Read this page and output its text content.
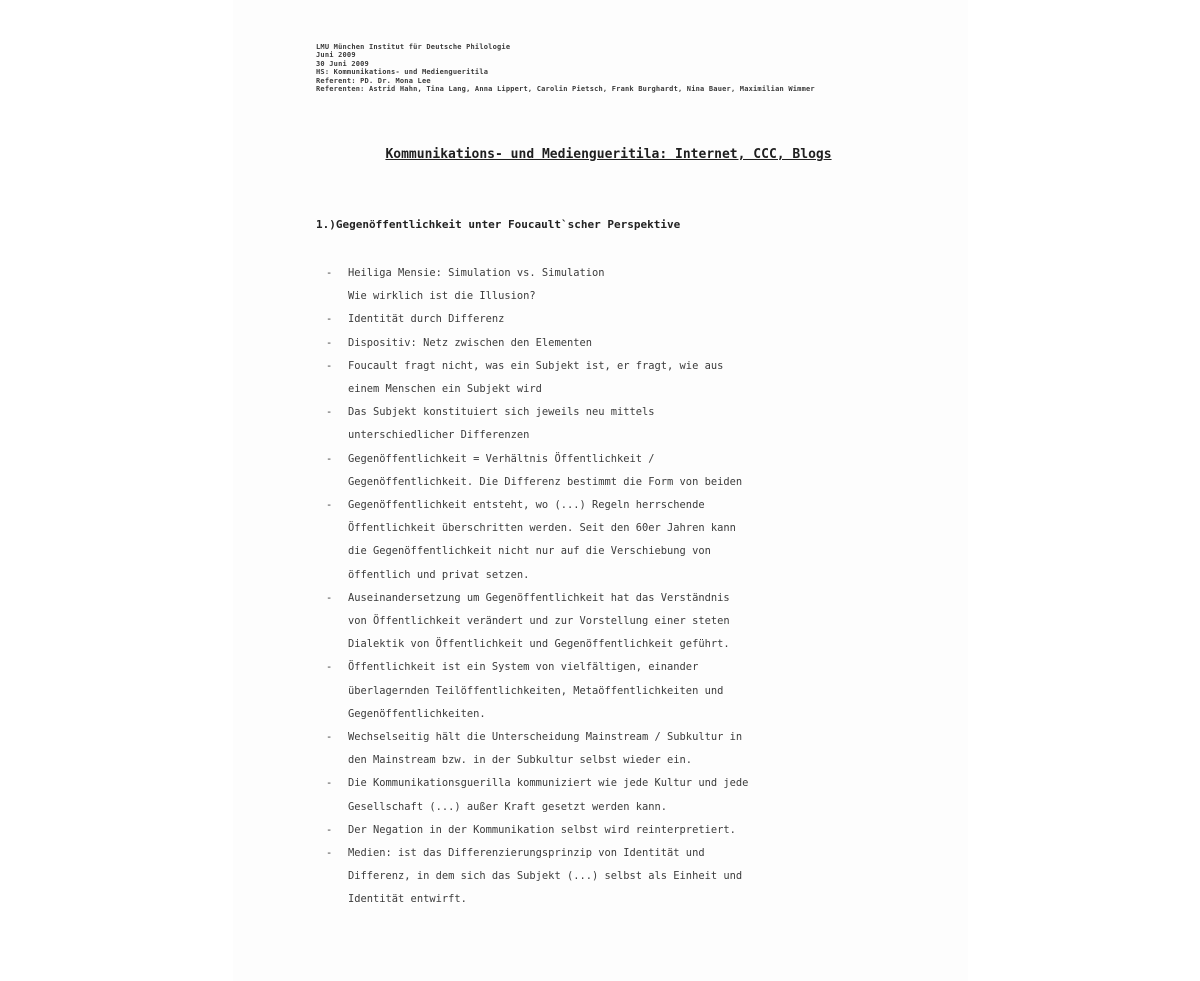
LMU München Institut für Deutsche Philologie
Juni 2009
30 Juni 2009
HS: Kommunikations- und Mediengueritila
Referent: PD. Dr. Mona Lee
Referenten: Astrid Hahn, Tina Lang, Anna Lippert, Carolin Pietsch, Frank Burghardt, Nina Bauer, Maximilian Wimmer
Kommunikations- und Mediengueritila: Internet, CCC, Blogs
1.)Gegenöffentlichkeit unter Foucault`scher Perspektive
- Heiliga Mensie: Simulation vs. Simulation
Wie wirklich ist die Illusion?
- Identität durch Differenz
- Dispositiv: Netz zwischen den Elementen
- Foucault fragt nicht, was ein Subjekt ist, er fragt, wie aus
einem Menschen ein Subjekt wird
- Das Subjekt konstituiert sich jeweils neu mittels
unterschiedlicher Differenzen
- Gegenöffentlichkeit = Verhältnis Öffentlichkeit /
Gegenöffentlichkeit. Die Differenz bestimmt die Form von beiden
- Gegenöffentlichkeit entsteht, wo (...) Regeln herrschende
Öffentlichkeit überschritten werden. Seit den 60er Jahren kann
die Gegenöffentlichkeit nicht nur auf die Verschiebung von
öffentlich und privat setzen.
- Auseinandersetzung um Gegenöffentlichkeit hat das Verständnis
von Öffentlichkeit verändert und zur Vorstellung einer steten
Dialektik von Öffentlichkeit und Gegenöffentlichkeit geführt.
- Öffentlichkeit ist ein System von vielfältigen, einander
überlagernden Teilöffentlichkeiten, Metaöffentlichkeiten und
Gegenöffentlichkeiten.
- Wechselseitig hält die Unterscheidung Mainstream / Subkultur in
den Mainstream bzw. in der Subkultur selbst wieder ein.
- Die Kommunikationsguerilla kommuniziert wie jede Kultur und jede
Gesellschaft (...) außer Kraft gesetzt werden kann.
- Der Negation in der Kommunikation selbst wird reinterpretiert.
- Medien: ist das Differenzierungsprinzip von Identität und
Differenz, in dem sich das Subjekt (...) selbst als Einheit und
Identität entwirft.
